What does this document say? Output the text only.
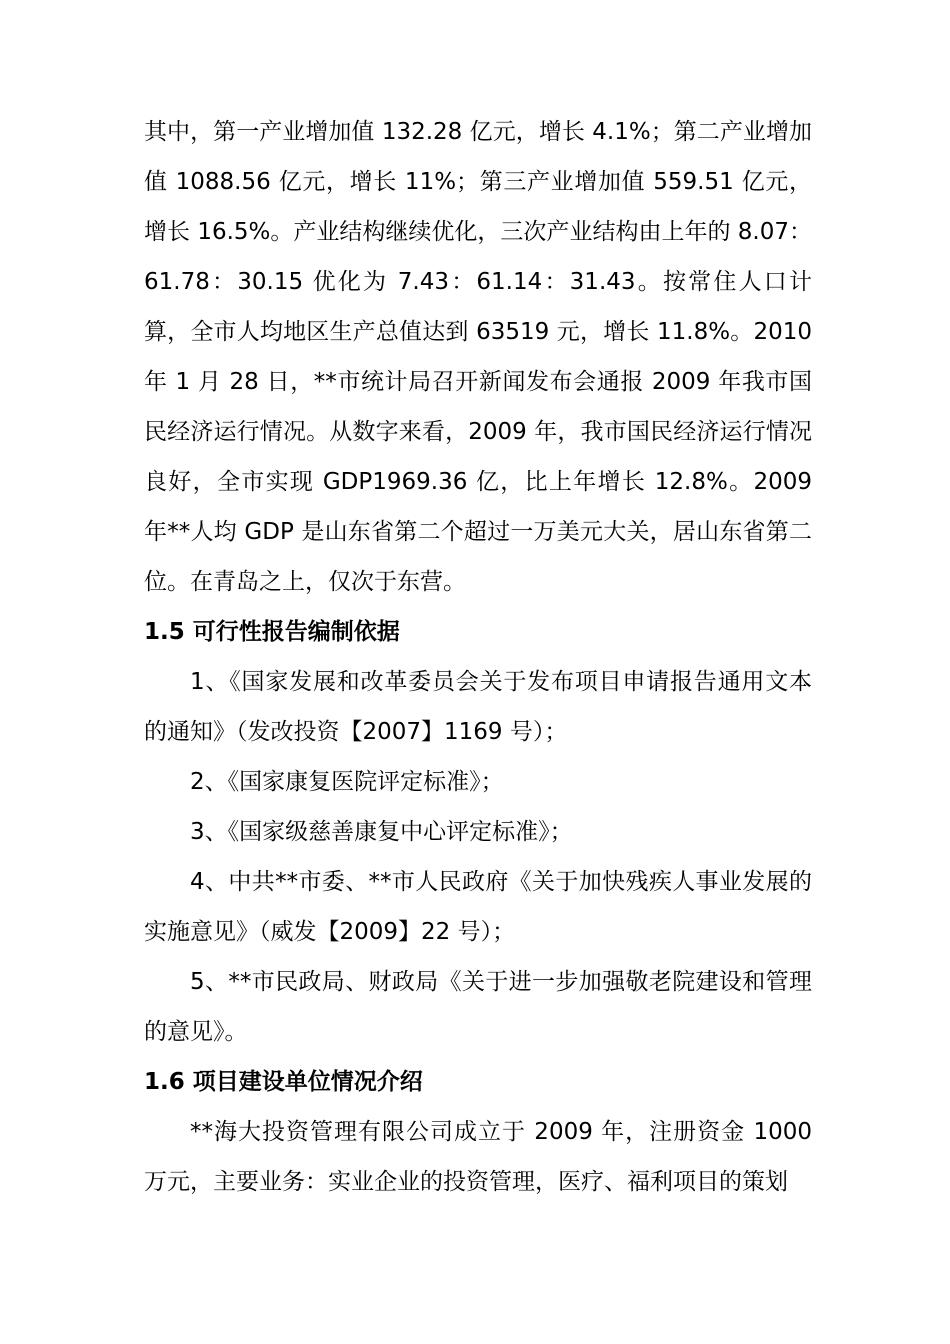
其中，第一产业增加值 132.28 亿元，增长 4.1%；第二产业增加值 1088.56 亿元，增长 11%；第三产业增加值 559.51 亿元，增长 16.5%。产业结构继续优化，三次产业结构由上年的 8.07：61.78：30.15 优化为 7.43：61.14：31.43。按常住人口计算，全市人均地区生产总值达到 63519 元，增长 11.8%。2010 年 1 月 28 日，**市统计局召开新闻发布会通报 2009 年我市国民经济运行情况。从数字来看，2009 年，我市国民经济运行情况良好，全市实现 GDP1969.36 亿，比上年增长 12.8%。2009 年**人均 GDP 是山东省第二个超过一万美元大关，居山东省第二位。在青岛之上，仅次于东营。

1.5 可行性报告编制依据

1、《国家发展和改革委员会关于发布项目申请报告通用文本的通知》（发改投资【2007】1169 号）；

2、《国家康复医院评定标准》；

3、《国家级慈善康复中心评定标准》；

4、中共**市委、**市人民政府《关于加快残疾人事业发展的实施意见》（威发【2009】22 号）；

5、**市民政局、财政局《关于进一步加强敬老院建设和管理的意见》。

1.6 项目建设单位情况介绍

**海大投资管理有限公司成立于 2009 年，注册资金 1000 万元，主要业务：实业企业的投资管理，医疗、福利项目的策划
